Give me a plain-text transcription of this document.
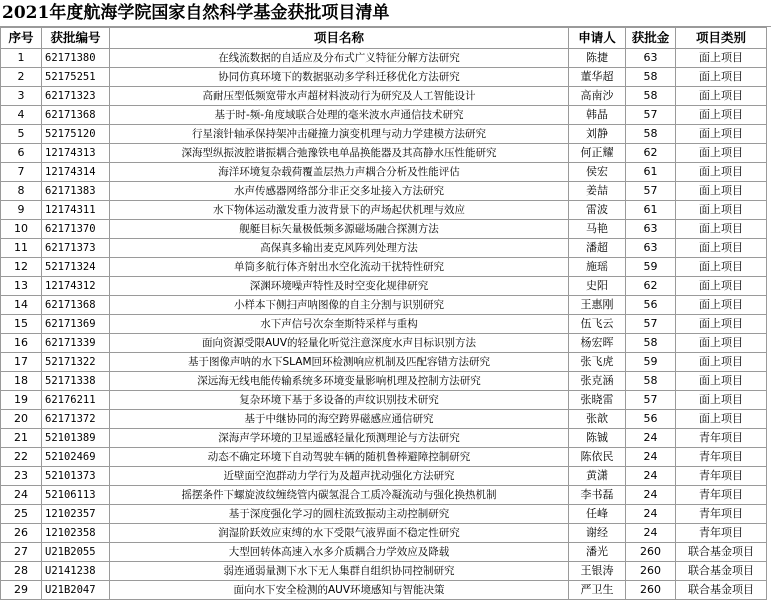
2021年度航海学院国家自然科学基金获批项目清单
序号	获批编号	项目名称	申请人	获批金	项目类别
1	62171380	在线流数据的自适应及分布式广义特征分解方法研究	陈捷	63	面上项目
2	52175251	协同仿真环境下的数据驱动多学科迁移优化方法研究	董华超	58	面上项目
3	62171323	高耐压型低频宽带水声超材料波动行为研究及人工智能设计	高南沙	58	面上项目
4	62171368	基于时-频-角度域联合处理的毫米波水声通信技术研究	韩晶	57	面上项目
5	52175120	行星滚针轴承保持架冲击碰撞力演变机理与动力学建模方法研究	刘静	58	面上项目
6	12174313	深海型纵振波腔谐振耦合弛豫铁电单晶换能器及其高静水压性能研究	何正耀	62	面上项目
7	12174314	海洋环境复杂载荷覆盖层热力声耦合分析及性能评估	侯宏	61	面上项目
8	62171383	水声传感器网络部分非正交多址接入方法研究	姜喆	57	面上项目
9	12174311	水下物体运动激发重力波背景下的声场起伏机理与效应	雷波	61	面上项目
10	62171370	舰艇目标矢量极低频多源磁场融合探测方法	马艳	63	面上项目
11	62171373	高保真多输出麦克风阵列处理方法	潘超	63	面上项目
12	52171324	单筒多航行体齐射出水空化流动干扰特性研究	施瑶	59	面上项目
13	12174312	深渊环境噪声特性及时空变化规律研究	史阳	62	面上项目
14	62171368	小样本下侧扫声呐图像的自主分割与识别研究	王惠刚	56	面上项目
15	62171369	水下声信号次奈奎斯特采样与重构	伍飞云	57	面上项目
16	62171339	面向资源受限AUV的轻量化听觉注意深度水声目标识别方法	杨宏晖	58	面上项目
17	52171322	基于图像声呐的水下SLAM回环检测响应机制及匹配容错方法研究	张飞虎	59	面上项目
18	52171338	深远海无线电能传输系统多环境变量影响机理及控制方法研究	张克涵	58	面上项目
19	62176211	复杂环境下基于多设备的声纹识别技术研究	张晓雷	57	面上项目
20	62171372	基于中继协同的海空跨界磁感应通信研究	张歆	56	面上项目
21	52101389	深海声学环境的卫星遥感轻量化预测理论与方法研究	陈铖	24	青年项目
22	52102469	动态不确定环境下自动驾驶车辆的随机鲁棒避障控制研究	陈依民	24	青年项目
23	52101373	近壁面空泡群动力学行为及超声扰动强化方法研究	黄潇	24	青年项目
24	52106113	摇摆条件下螺旋波纹缠绕管内碳氢混合工质冷凝流动与强化换热机制	李书磊	24	青年项目
25	12102357	基于深度强化学习的圆柱流致振动主动控制研究	任峰	24	青年项目
26	12102358	润湿阶跃效应束缚的水下受限气液界面不稳定性研究	谢经	24	青年项目
27	U21B2055	大型回转体高速入水多介质耦合力学效应及降载	潘光	260	联合基金项目
28	U2141238	弱连通弱量测下水下无人集群自组织协同控制研究	王银涛	260	联合基金项目
29	U21B2047	面向水下安全检测的AUV环境感知与智能决策	严卫生	260	联合基金项目
